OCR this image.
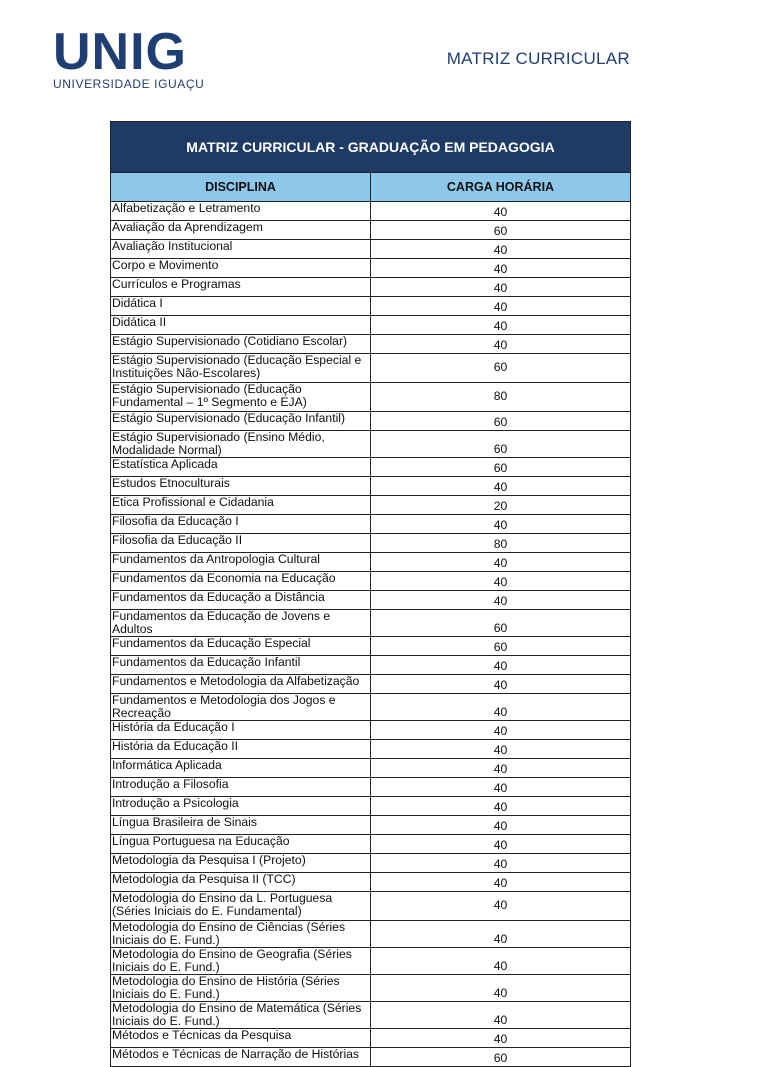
UNIG
UNIVERSIDADE IGUAÇU
MATRIZ CURRICULAR
MATRIZ CURRICULAR - GRADUAÇÃO EM PEDAGOGIA	
DISCIPLINA	CARGA HORÁRIA
Alfabetização e Letramento	40
Avaliação da Aprendizagem	60
Avaliação Institucional	40
Corpo e Movimento	40
Currículos e Programas	40
Didática I	40
Didática II	40
Estágio Supervisionado (Cotidiano Escolar)	40
Estágio Supervisionado (Educação Especial e Instituições Não-Escolares)	60
Estágio Supervisionado (Educação Fundamental – 1º Segmento e EJA)	80
Estágio Supervisionado (Educação Infantil)	60
Estágio Supervisionado (Ensino Médio, Modalidade Normal)	60
Estatística Aplicada	60
Estudos Etnoculturais	40
Etica Profissional e Cidadania	20
Filosofia da Educação I	40
Filosofia da Educação II	80
Fundamentos da Antropologia Cultural	40
Fundamentos da Economia na Educação	40
Fundamentos da Educação a Distância	40
Fundamentos da Educação de Jovens e Adultos	60
Fundamentos da Educação Especial	60
Fundamentos da Educação Infantil	40
Fundamentos e Metodologia da Alfabetização	40
Fundamentos e Metodologia dos Jogos e Recreação	40
História da Educação I	40
História da Educação II	40
Informática Aplicada	40
Introdução a Filosofia	40
Introdução a Psicologia	40
Língua Brasileira de Sinais	40
Língua Portuguesa na Educação	40
Metodologia da Pesquisa I (Projeto)	40
Metodologia da Pesquisa II (TCC)	40
Metodologia do Ensino da L. Portuguesa (Séries Iniciais do E. Fundamental)	40
Metodologia do Ensino de Ciências (Séries Iniciais do E. Fund.)	40
Metodologia do Ensino de Geografia (Séries Iniciais do E. Fund.)	40
Metodologia do Ensino de História (Séries Iniciais do E. Fund.)	40
Metodologia do Ensino de Matemática (Séries Iniciais do E. Fund.)	40
Métodos e Técnicas da Pesquisa	40
Métodos e Técnicas de Narração de Histórias	60
